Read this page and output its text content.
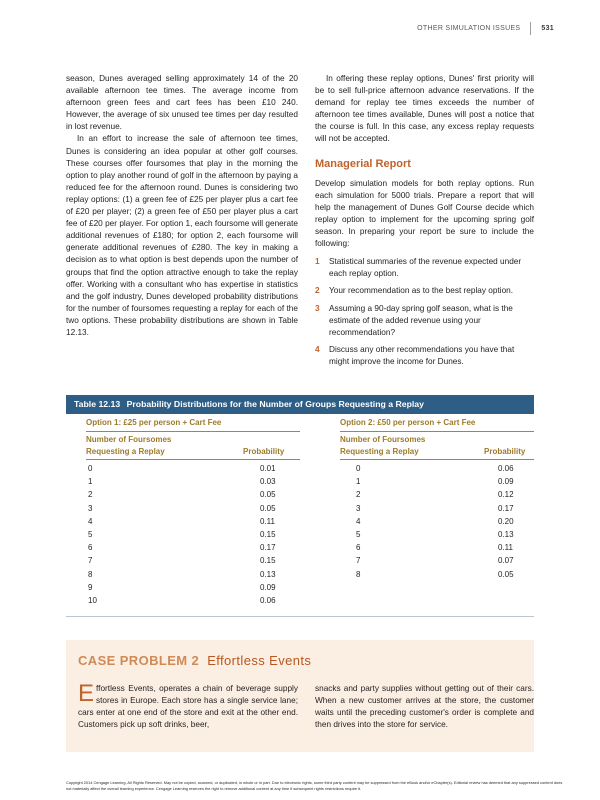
OTHER SIMULATION ISSUES	531

season, Dunes averaged selling approximately 14 of the 20 available afternoon tee times. The average income from afternoon green fees and cart fees has been £10 240. However, the average of six unused tee times per day resulted in lost revenue.

In an effort to increase the sale of afternoon tee times, Dunes is considering an idea popular at other golf courses. These courses offer foursomes that play in the morning the option to play another round of golf in the afternoon by paying a reduced fee for the afternoon round. Dunes is considering two replay options: (1) a green fee of £25 per player plus a cart fee of £20 per player; (2) a green fee of £50 per player plus a cart fee of £20 per player. For option 1, each foursome will generate additional revenues of £180; for option 2, each foursome will generate additional revenues of £280. The key in making a decision as to what option is best depends upon the number of groups that find the option attractive enough to take the replay offer. Working with a consultant who has expertise in statistics and the golf industry, Dunes developed probability distributions for the number of foursomes requesting a replay for each of the two options. These probability distributions are shown in Table 12.13.

In offering these replay options, Dunes' first priority will be to sell full-price afternoon advance reservations. If the demand for replay tee times exceeds the number of afternoon tee times available, Dunes will post a notice that the course is full. In this case, any excess replay requests will not be accepted.

Managerial Report

Develop simulation models for both replay options. Run each simulation for 5000 trials. Prepare a report that will help the management of Dunes Golf Course decide which replay option to implement for the upcoming spring golf season. In preparing your report be sure to include the following:

1 Statistical summaries of the revenue expected under each replay option.
2 Your recommendation as to the best replay option.
3 Assuming a 90-day spring golf season, what is the estimate of the added revenue using your recommendation?
4 Discuss any other recommendations you have that might improve the income for Dunes.
Table 12.13 Probability Distributions for the Number of Groups Requesting a Replay
Option 1: £25 per person + Cart Fee	Option 2: £50 per person + Cart Fee
Number of Foursomes
Requesting a Replay	Probability
Number of Foursomes
Requesting a Replay	Probability
0	0.01
1	0.03
2	0.05
3	0.05
4	0.11
5	0.15
6	0.17
7	0.15
8	0.13
9	0.09
10	0.06
0	0.06
1	0.09
2	0.12
3	0.17
4	0.20
5	0.13
6	0.11
7	0.07
8	0.05
CASE PROBLEM 2 Effortless Events
Effortless Events, operates a chain of beverage supply stores in Europe. Each store has a single service lane; cars enter at one end of the store and exit at the other end. Customers pick up soft drinks, beer,
snacks and party supplies without getting out of their cars. When a new customer arrives at the store, the customer waits until the preceding customer's order is complete and then drives into the store for service.
Copyright 2014 Cengage Learning. All Rights Reserved. May not be copied, scanned, or duplicated, in whole or in part. Due to electronic rights, some third party content may be suppressed from the eBook and/or eChapter(s). Editorial review has deemed that any suppressed content does not materially affect the overall learning experience. Cengage Learning reserves the right to remove additional content at any time if subsequent rights restrictions require it.
